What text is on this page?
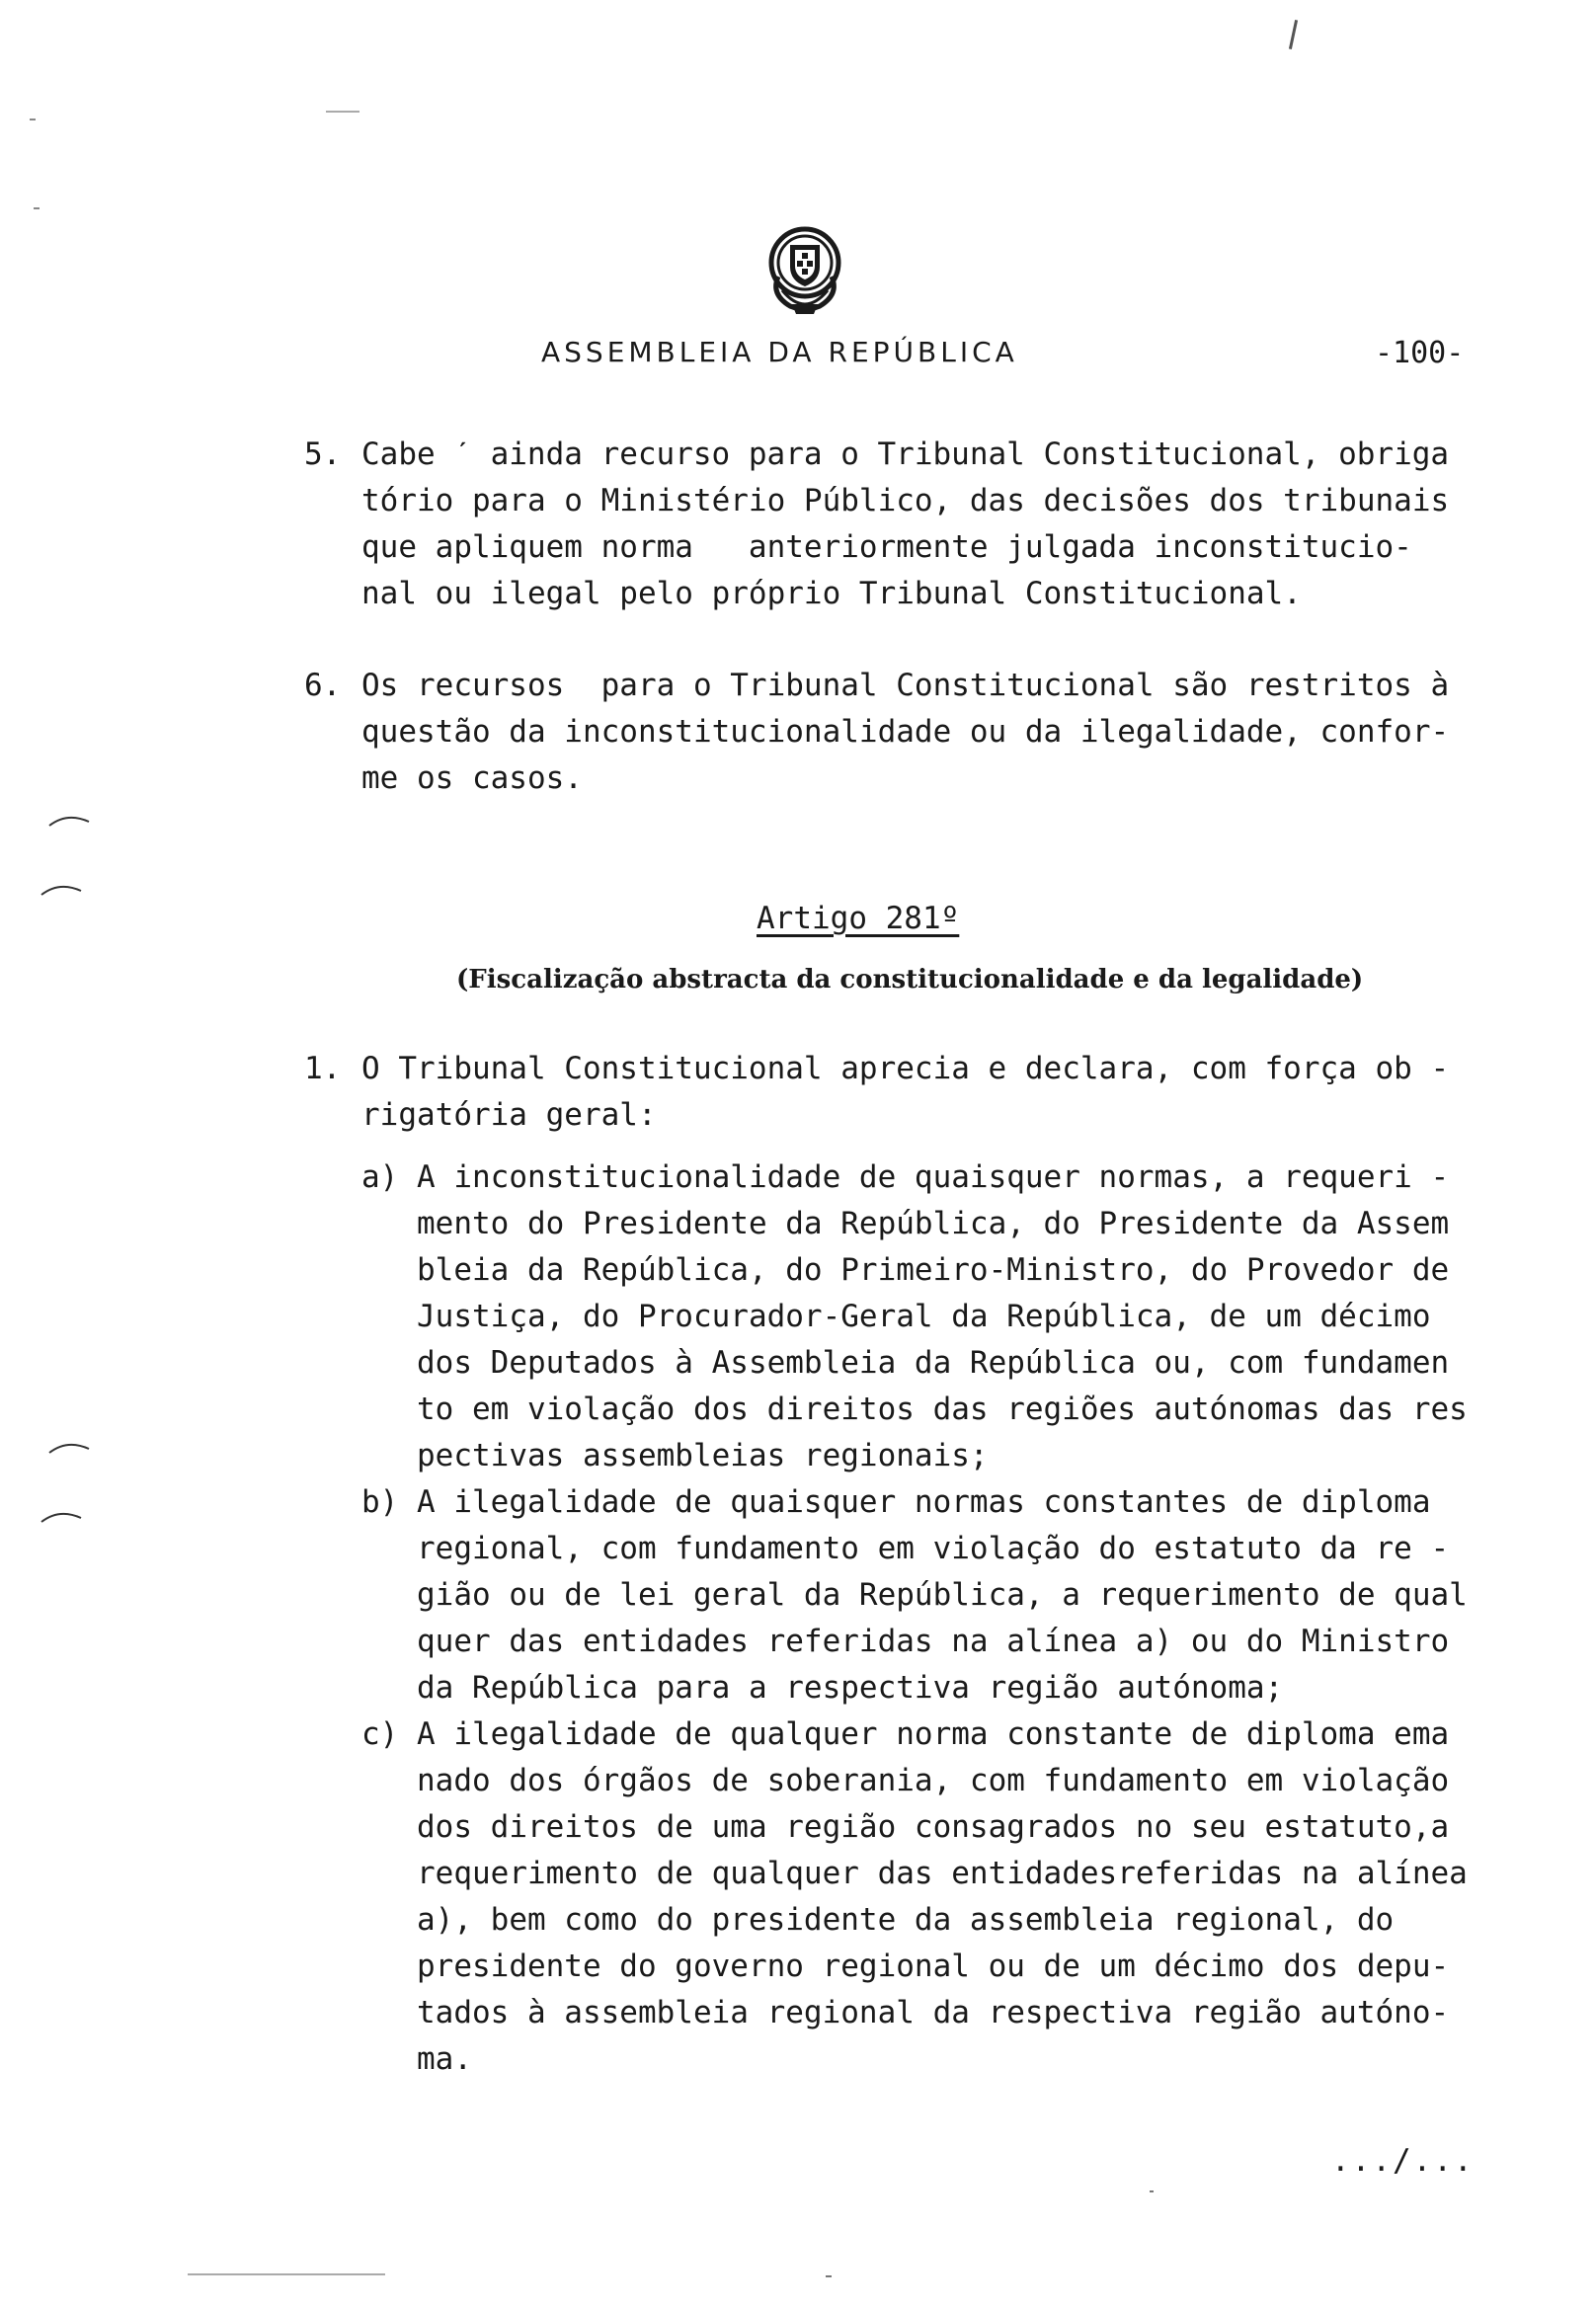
ASSEMBLEIA DA REPÚBLICA	-100-
5. Cabe ˊ ainda recurso para o Tribunal Constitucional, obriga
tório para o Ministério Público, das decisões dos tribunais
que apliquem norma   anteriormente julgada inconstitucio-
nal ou ilegal pelo próprio Tribunal Constitucional.
6. Os recursos  para o Tribunal Constitucional são restritos à
questão da inconstitucionalidade ou da ilegalidade, confor-
me os casos.
Artigo 281º
(Fiscalização abstracta da constitucionalidade e da legalidade)
1. O Tribunal Constitucional aprecia e declara, com força ob -
rigatória geral:
a) A inconstitucionalidade de quaisquer normas, a requeri -
mento do Presidente da República, do Presidente da Assem
bleia da República, do Primeiro-Ministro, do Provedor de
Justiça, do Procurador-Geral da República, de um décimo
dos Deputados à Assembleia da República ou, com fundamen
to em violação dos direitos das regiões autónomas das res
pectivas assembleias regionais;
b) A ilegalidade de quaisquer normas constantes de diploma
regional, com fundamento em violação do estatuto da re -
gião ou de lei geral da República, a requerimento de qual
quer das entidades referidas na alínea a) ou do Ministro
da República para a respectiva região autónoma;
c) A ilegalidade de qualquer norma constante de diploma ema
nado dos órgãos de soberania, com fundamento em violação
dos direitos de uma região consagrados no seu estatuto,a
requerimento de qualquer das entidadesreferidas na alínea
a), bem como do presidente da assembleia regional, do
presidente do governo regional ou de um décimo dos depu-
tados à assembleia regional da respectiva região autóno-
ma.
.../...
